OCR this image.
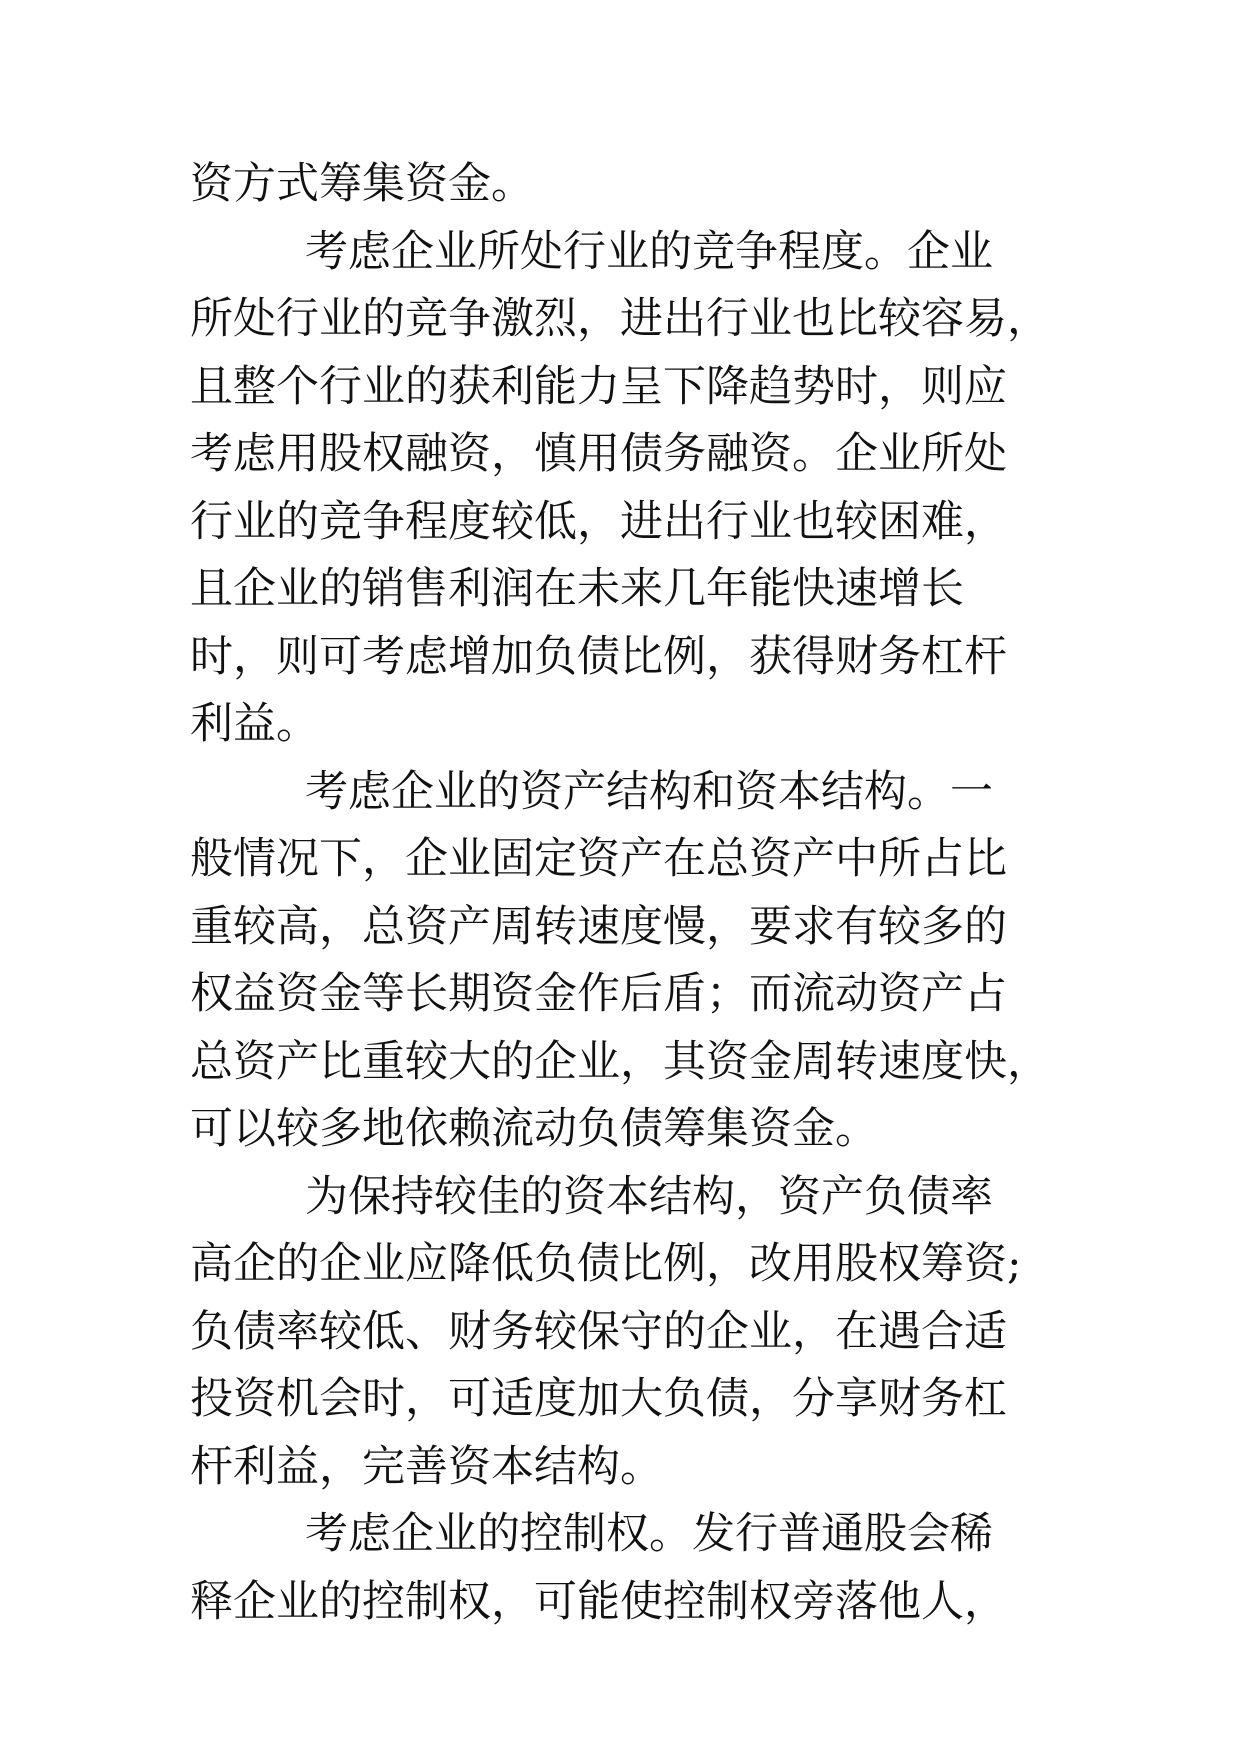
资方式筹集资金。
考虑企业所处行业的竞争程度。企业
所处行业的竞争激烈，进出行业也比较容易，
且整个行业的获利能力呈下降趋势时，则应
考虑用股权融资，慎用债务融资。企业所处
行业的竞争程度较低，进出行业也较困难，
且企业的销售利润在未来几年能快速增长
时，则可考虑增加负债比例，获得财务杠杆
利益。
考虑企业的资产结构和资本结构。一
般情况下，企业固定资产在总资产中所占比
重较高，总资产周转速度慢，要求有较多的
权益资金等长期资金作后盾；而流动资产占
总资产比重较大的企业，其资金周转速度快，
可以较多地依赖流动负债筹集资金。
为保持较佳的资本结构，资产负债率
高企的企业应降低负债比例，改用股权筹资;
负债率较低、财务较保守的企业，在遇合适
投资机会时，可适度加大负债，分享财务杠
杆利益，完善资本结构。
考虑企业的控制权。发行普通股会稀
释企业的控制权，可能使控制权旁落他人，
